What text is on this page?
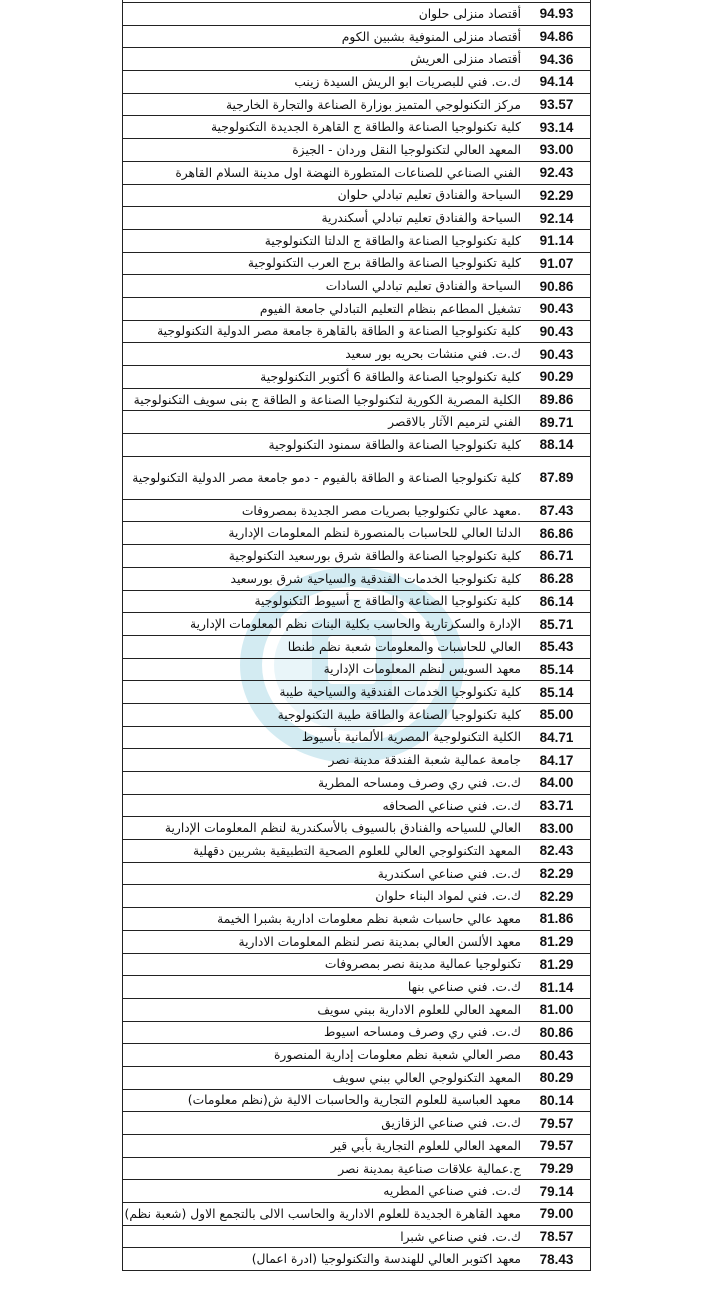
أقتصاد منزلى حلوان	94.93
أقتصاد منزلى المنوفية بشبين الكوم	94.86
أقتصاد منزلى العريش	94.36
ك.ت. فني للبصريات ابو الريش السيدة زينب	94.14
مركز التكنولوجي المتميز بوزارة الصناعة والتجارة الخارجية	93.57
كلية تكنولوجيا الصناعة والطاقة ج القاهرة الجديدة التكنولوجية	93.14
المعهد العالي لتكنولوجيا النقل وردان - الجيزة	93.00
الفني الصناعي للصناعات المتطورة النهضة اول مدينة السلام القاهرة	92.43
السياحة والفنادق تعليم تبادلي حلوان	92.29
السياحة والفنادق تعليم تبادلي أسكندرية	92.14
كلية تكنولوجيا الصناعة والطاقة ج الدلتا التكنولوجية	91.14
كلية تكنولوجيا الصناعة والطاقة برج العرب التكنولوجية	91.07
السياحة والفنادق تعليم تبادلي السادات	90.86
تشغيل المطاعم بنظام التعليم التبادلي جامعة الفيوم	90.43
كلية تكنولوجيا الصناعة و الطاقة بالقاهرة جامعة مصر الدولية التكنولوجية	90.43
ك.ت. فني منشات بحريه بور سعيد	90.43
كلية تكنولوجيا الصناعة والطاقة 6 أكتوبر التكنولوجية	90.29
الكلية المصرية الكورية لتكنولوجيا الصناعة و الطاقة ج بنى سويف التكنولوجية	89.86
الفني لترميم الآثار بالاقصر	89.71
كلية تكنولوجيا الصناعة والطاقة سمنود التكنولوجية	88.14
كلية تكنولوجيا الصناعة و الطاقة بالفيوم - دمو جامعة مصر الدولية التكنولوجية	87.89
.معهد عالي تكنولوجيا بصريات مصر الجديدة بمصروفات	87.43
الدلتا العالي للحاسبات بالمنصورة لنظم المعلومات الإدارية	86.86
كلية تكنولوجيا الصناعة والطاقة شرق بورسعيد التكنولوجية	86.71
كلية تكنولوجيا الخدمات الفندقية والسياحية شرق بورسعيد	86.28
كلية تكنولوجيا الصناعة والطاقة ج أسيوط التكنولوجية	86.14
الإدارة والسكرتارية والحاسب بكلية البنات نظم المعلومات الإدارية	85.71
العالي للحاسبات والمعلومات شعبة نظم طنطا	85.43
معهد السويس لنظم المعلومات الإدارية	85.14
كلية تكنولوجيا الخدمات الفندقية والسياحية طيبة	85.14
كلية تكنولوجيا الصناعة والطاقة طيبة التكنولوجية	85.00
الكلية التكنولوجية المصرية الألمانية بأسيوط	84.71
جامعة عمالية شعبة الفندقة مدينة نصر	84.17
ك.ت. فني ري وصرف ومساحه المطرية	84.00
ك.ت. فني صناعي الصحافه	83.71
العالي للسياحه والفنادق بالسيوف بالأسكندرية لنظم المعلومات الإدارية	83.00
المعهد التكنولوجي العالي للعلوم الصحية التطبيقية بشربين دقهلية	82.43
ك.ت. فني صناعي اسكندرية	82.29
ك.ت. فني لمواد البناء حلوان	82.29
معهد عالي حاسبات شعبة نظم معلومات ادارية بشبرا الخيمة	81.86
معهد الألسن العالي بمدينة نصر لنظم المعلومات الادارية	81.29
تكنولوجيا عمالية مدينة نصر بمصروفات	81.29
ك.ت. فني صناعي بنها	81.14
المعهد العالي للعلوم الادارية ببني سويف	81.00
ك.ت. فني ري وصرف ومساحه اسيوط	80.86
مصر العالي شعبة نظم معلومات إدارية المنصورة	80.43
المعهد التكنولوجي العالي ببني سويف	80.29
معهد العباسية للعلوم التجارية والحاسبات الالية ش(نظم معلومات)	80.14
ك.ت. فني صناعي الزقازيق	79.57
المعهد العالي للعلوم التجارية بأبي قير	79.57
ج.عمالية علاقات صناعية بمدينة نصر	79.29
ك.ت. فني صناعي المطريه	79.14
معهد القاهرة الجديدة للعلوم الادارية والحاسب الالى بالتجمع الاول (شعبة نظم)	79.00
ك.ت. فني صناعي شبرا	78.57
معهد اكتوبر العالي للهندسة والتكنولوجيا (ادرة اعمال)	78.43
